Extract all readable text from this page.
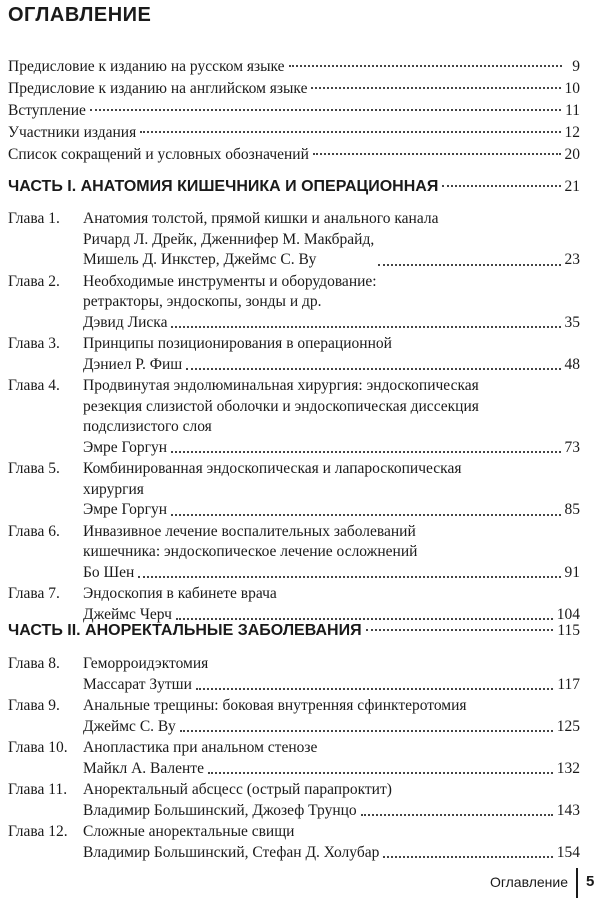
ОГЛАВЛЕНИЕ
Предисловие к изданию на русском языке	9
Предисловие к изданию на английском языке	10
Вступление	11
Участники издания	12
Список сокращений и условных обозначений	20
ЧАСТЬ I. АНАТОМИЯ КИШЕЧНИКА И ОПЕРАЦИОННАЯ	21
Глава 1.	Анатомия толстой, прямой кишки и анального канала
Ричард Л. Дрейк, Дженнифер М. Макбрайд,
Мишель Д. Инкстер, Джеймс С. Ву	23
Глава 2.	Необходимые инструменты и оборудование:
ретракторы, эндоскопы, зонды и др.
Дэвид Лиска	35
Глава 3.	Принципы позиционирования в операционной
Дэниел Р. Фиш	48
Глава 4.	Продвинутая эндолюминальная хирургия: эндоскопическая
резекция слизистой оболочки и эндоскопическая диссекция
подслизистого слоя
Эмре Горгун	73
Глава 5.	Комбинированная эндоскопическая и лапароскопическая
хирургия
Эмре Горгун	85
Глава 6.	Инвазивное лечение воспалительных заболеваний
кишечника: эндоскопическое лечение осложнений
Бо Шен	91
Глава 7.	Эндоскопия в кабинете врача
Джеймс Черч	104
ЧАСТЬ II. АНОРЕКТАЛЬНЫЕ ЗАБОЛЕВАНИЯ	115
Глава 8.	Геморроидэктомия
Массарат Зутши	117
Глава 9.	Анальные трещины: боковая внутренняя сфинктеротомия
Джеймс С. Ву	125
Глава 10. Анопластика при анальном стенозе
Майкл А. Валенте	132
Глава 11.	Аноректальный абсцесс (острый парапроктит)
Владимир Большинский, Джозеф Трунцо	143
Глава 12. Сложные аноректальные свищи
Владимир Большинский, Стефан Д. Холубар	154
Оглавление 5
